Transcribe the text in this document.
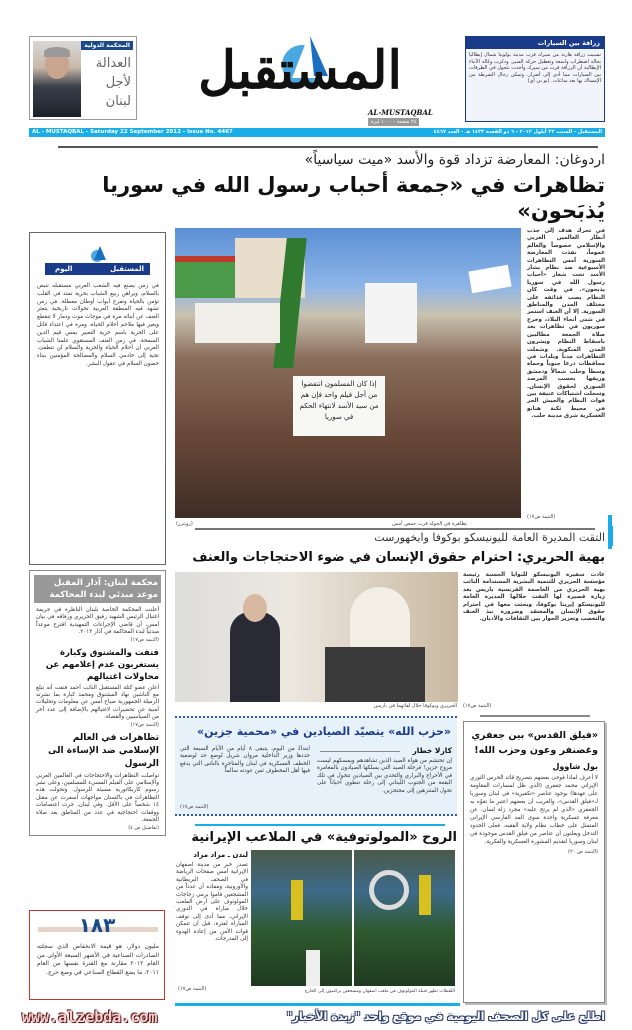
المحكمة الدولية
العدالة
لأجل
لبنان
المستقبل
AL-MUSTAQBAL
٢٤ صفحة - ١٠٠٠ ليرة
زرافة بين السيارات
تسببت زرافة هاربة من سيرك قرب مدينة بولونيا شمال إيطاليا بحالة اضطراب واسعة وتعطيل حركة السير. وذكرت وكالة الأنباء الإيطالية أن الزرافة فرت من سيرك وأخذت تتجول في الطرقات بين السيارات مما أدى إلى أضرار. وتمكن رجال الشرطة من الإمساك بها بعد ساعات. (يو بي أي)
AL - MUSTAQBAL - Saturday 22 September 2012 - Issue No. 4467	المستقبل - السبت ٢٢ أيلول ٢٠١٢ - ٦ ذو القعدة ١٤٣٣ هـ - العدد ٤٤٦٧
اردوغان: المعارضة تزداد قوة والأسد «ميت سياسياً»
تظاهرات في «جمعة أحباب رسول الله في سوريا يُذبَحون»
إذا كان المسلمون انتفضوا من أجل فيلم واحد فإن هم من سيد الأسد لانتهاء الحكم في سوريا
تظاهرة في الحولة قرب حمص أمس
(رويترز)
في تحرك هدف إلى جذب أنظار العالمين العربي والإسلامي خصوصاً والعالم عموماً، نفذت المعارضة السورية أمس التظاهرات الأسبوعية ضد نظام بشار الأسد تحت شعار «أحباب رسول الله في سوريا يذبحون». في وقت كان النظام يصب قذائفه على مختلف المدن والمناطق السورية. إلا أن العنف استمر في شتى أنحاء البلاد، وخرج سوريون في تظاهرات بعد صلاة الجمعة مطالبين باسقاط النظام ويشرون المدن المنكوبة. وشملت التظاهرات مدناً وبلدات في محافظات درعا جنوباً وحماة وسطاً وحلب شمالاً ودمشق وريفها بحسب المرصد السوري لحقوق الإنسان. وسجلت اشتباكات عنيفة بين قوات النظام والجيش الحر في محيط ثكنة هنانو العسكرية شرق مدينة حلب.
(التتمة ص١٧)
اليوم	المستقبل
في زمن يصنع فيه الشعب العربي مستقبله تنبض بالسلام، ويراهن ربيع الشباب بحرية تمتد في القلب تؤمن بالحياة وتفرج أبواب أوطان معطلة. في زمن تشهد فيه المنطقة العربية تحولات تاريخية يتعثر العنف عن أبنائه مرة في موجات موت ودمار لا تنقطع ويغير فيها ملاحم أحلام الحياة، ومرة في اعتداء قاتل على الحرية باسم حرية التعبير يمس قيم الدين السمحة. في زمن العنف المستقوي علمنا الشباب العربي أن أحلام الحياة والحرية والسلام لن تنطفئ. تحية إلى خادمي السلام والمصالحة المؤمنين ببناء حصون السلام في عقول البشر.
محكمة لبنان: آذار المقبل موعد مبدئي لبدء المحاكمة
أعلنت المحكمة الخاصة بلبنان الناظرة في جريمة اغتيال الرئيس الشهيد رفيق الحريري ورفاقه في بيان أمس، أن قاضي الإجراءات التمهيدية اقترح موعداً مبدئياً لبدء المحاكمة في آذار ٢٠١٣.
(التتمة ص١٧)
فتفت والمشنوق وكبارة يستغربون عدم إعلامهم عن محاولات اغتيالهم
أعلن عضو كتلة المستقبل النائب أحمد فتفت أنه تبلغ مع الناشين نهاد المشنوق ومحمد كبارة بما نشرته الزميلة الجمهورية صباح أمس عن معلومات وتحليلات أمنية عن تحضيرات لاغتيالهم بالإضافة إلى عدد آخر من السياسيين والقضاة.
(التتمة ص١٧)
تظاهرات في العالم الإسلامي ضد الإساءة الى الرسول
تواصلت التظاهرات والاحتجاجات في العالمين العربي والإسلامي على الفيلم المسيء للمسلمين، وعلى نشر رسوم كاريكاتورية مسيئة للرسول. وتحولت هذه التظاهرات في باكستان مواجهات أسفرت عن مقتل ١٤ شخصاً على الأقل. وفي لبنان، جرت اعتصامات ووقفات احتجاجية في عدد من المناطق بعد صلاة الجمعة.
(تفاصيل ص ٤)
١٨٣
مليون دولار، هو قيمة الانخفاض الذي سجلته الصادرات الصناعية في الأشهر السبعة الأولى من العام ٢٠١٢ مقارنة مع الفترة نفسها من العام ٢٠١١، ما يضع القطاع الصناعي في وضع حرج.
التقت المديرة العامة لليونيسكو بوكوفا وايخهورست
بهية الحريري: احترام حقوق الإنسان في ضوء الاحتجاجات والعنف
الحريري وبوكوفا خلال لقائهما في باريس
عادت سفيرة اليونيسكو للنوايا الحسنة رئيسة مؤسسة الحريري للتنمية البشرية المستدامة النائب بهية الحريري من العاصمة الفرنسية باريس بعد زيارة قصيرة لها التقت خلالها المديرة العامة لليونيسكو إيرينا بوكوفا، وبحثت معها في احترام حقوق الإنسان والمعتقد وضرورة نبذ العنف والتعصب وتعزيز الحوار بين الثقافات والأديان.
(التتمة ص١٧)
«حزب الله» يتصيّد الصيادين في «محمية جزين»
كارلا خطار
إن تحتشم من هواة الصيد الذين تشاهدهم ويمسكهم ليست مروج جزين! فرحلة الصيد التي يسلكها الصيادون بالمغامرة في الأحراج والبراري والتحدي بين الصيادين تتحول في تلك البقعة من الجنوب اللبناني إلى رحلة تنطوي أحياناً على تحول المتنزهين إلى محتجزين.
ابتداءً من اليوم، يتبقى ٨ أيام من الأيام السبعة التي حددها وزير الداخلية مروان شربل لوضع حد لوضعية الخطف العسكرية في لبنان والمتاجرة بالناس التي يدفع فيها أهل المخطوف ثمن عودته سالماً.
(التتمة ص١٧)
«فيلق القدس» بين جعفري وغضنفر وعون وحزب الله!
بول شاوول
لا أعرف لماذا فوجئ بعضهم بتصريح قائد الحرس الثوري الإيراني محمد جعفري (الذي ظل لمسارات المقاومة على عهدها) بوجود عناصر «تكفيرية» في لبنان وسوريا لـ«فيلق القدس»، والغريب أن بعضهم اعتبر ما تفوّه به الجعفري «الذي لم يرتج عليه» مجرد زلة لسان. عن معرفة عسكرية واحدة سوى المد الفارسي الإيراني المتمثل على خطاب نظام ولاية الفقيه، فعلى الحدود التدخل ويعلنون أن عناصر من فيلق القدس موجودة في لبنان وسوريا لتقديم المشورة العسكرية والفكرية.
(التتمة ص ٢٠)
الروح «المولوتوفية» في الملاعب الإيرانية
لندن ـ مراد مراد
تصدر خبر من مدينة اصفهان الإيرانية أمس صفحات الرياضة في الصحف البريطانية والأوروبية، ومفاده أن عدداً من المشجعين قاموا برمي زجاجات المولوتوف على أرض الملعب خلال مباراة في الدوري الإيراني، مما أدى إلى توقف المباراة لفترة، قبل أن تتمكن قوات الأمن من إعادة الهدوء إلى المدرجات.
(التتمة ص١٧)	اللقطات تظهر قنبلة المولوتوف في ملعب اصفهان ومشجعين يركضون إلى الخارج
www.alzebda.com	اطلع على كل الصحف اليومية في موقع واحد "زبدة الأخبار"
